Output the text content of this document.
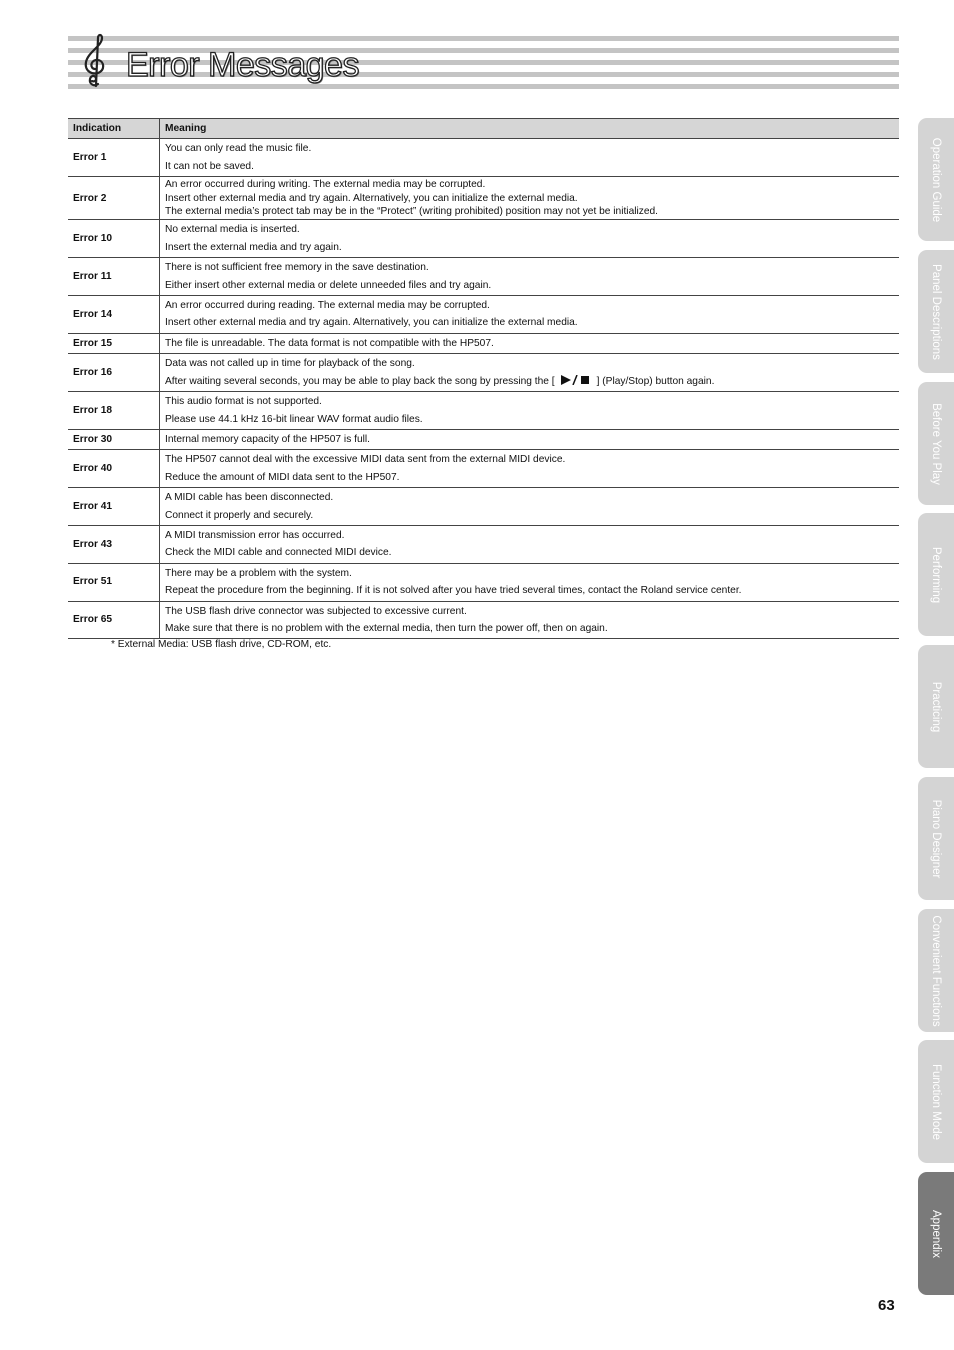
Error Messages
Indication	Meaning
Error 1	You can only read the music file.
It can not be saved.

Error 2	An error occurred during writing. The external media may be corrupted.
Insert other external media and try again. Alternatively, you can initialize the external media.
The external media’s protect tab may be in the “Protect” (writing prohibited) position may not yet be initialized.

Error 10	No external media is inserted.
Insert the external media and try again.

Error 11	There is not sufficient free memory in the save destination.
Either insert other external media or delete unneeded files and try again.

Error 14	An error occurred during reading. The external media may be corrupted.
Insert other external media and try again. Alternatively, you can initialize the external media.

Error 15	The file is unreadable. The data format is not compatible with the HP507.

Error 16	Data was not called up in time for playback of the song.
After waiting several seconds, you may be able to play back the song by pressing the [ ] (Play/Stop) button again.

Error 18	This audio format is not supported.
Please use 44.1 kHz 16-bit linear WAV format audio files.

Error 30	Internal memory capacity of the HP507 is full.

Error 40	The HP507 cannot deal with the excessive MIDI data sent from the external MIDI device.
Reduce the amount of MIDI data sent to the HP507.

Error 41	A MIDI cable has been disconnected.
Connect it properly and securely.

Error 43	A MIDI transmission error has occurred.
Check the MIDI cable and connected MIDI device.

Error 51	There may be a problem with the system.
Repeat the procedure from the beginning. If it is not solved after you have tried several times, contact the Roland service center.

Error 65	The USB flash drive connector was subjected to excessive current.
Make sure that there is no problem with the external media, then turn the power off, then on again.

* External Media: USB flash drive, CD-ROM, etc.

Operation Guide
Panel Descriptions
Before You Play
Performing
Practicing
Piano Designer
Convenient Functions
Function Mode
Appendix

63
